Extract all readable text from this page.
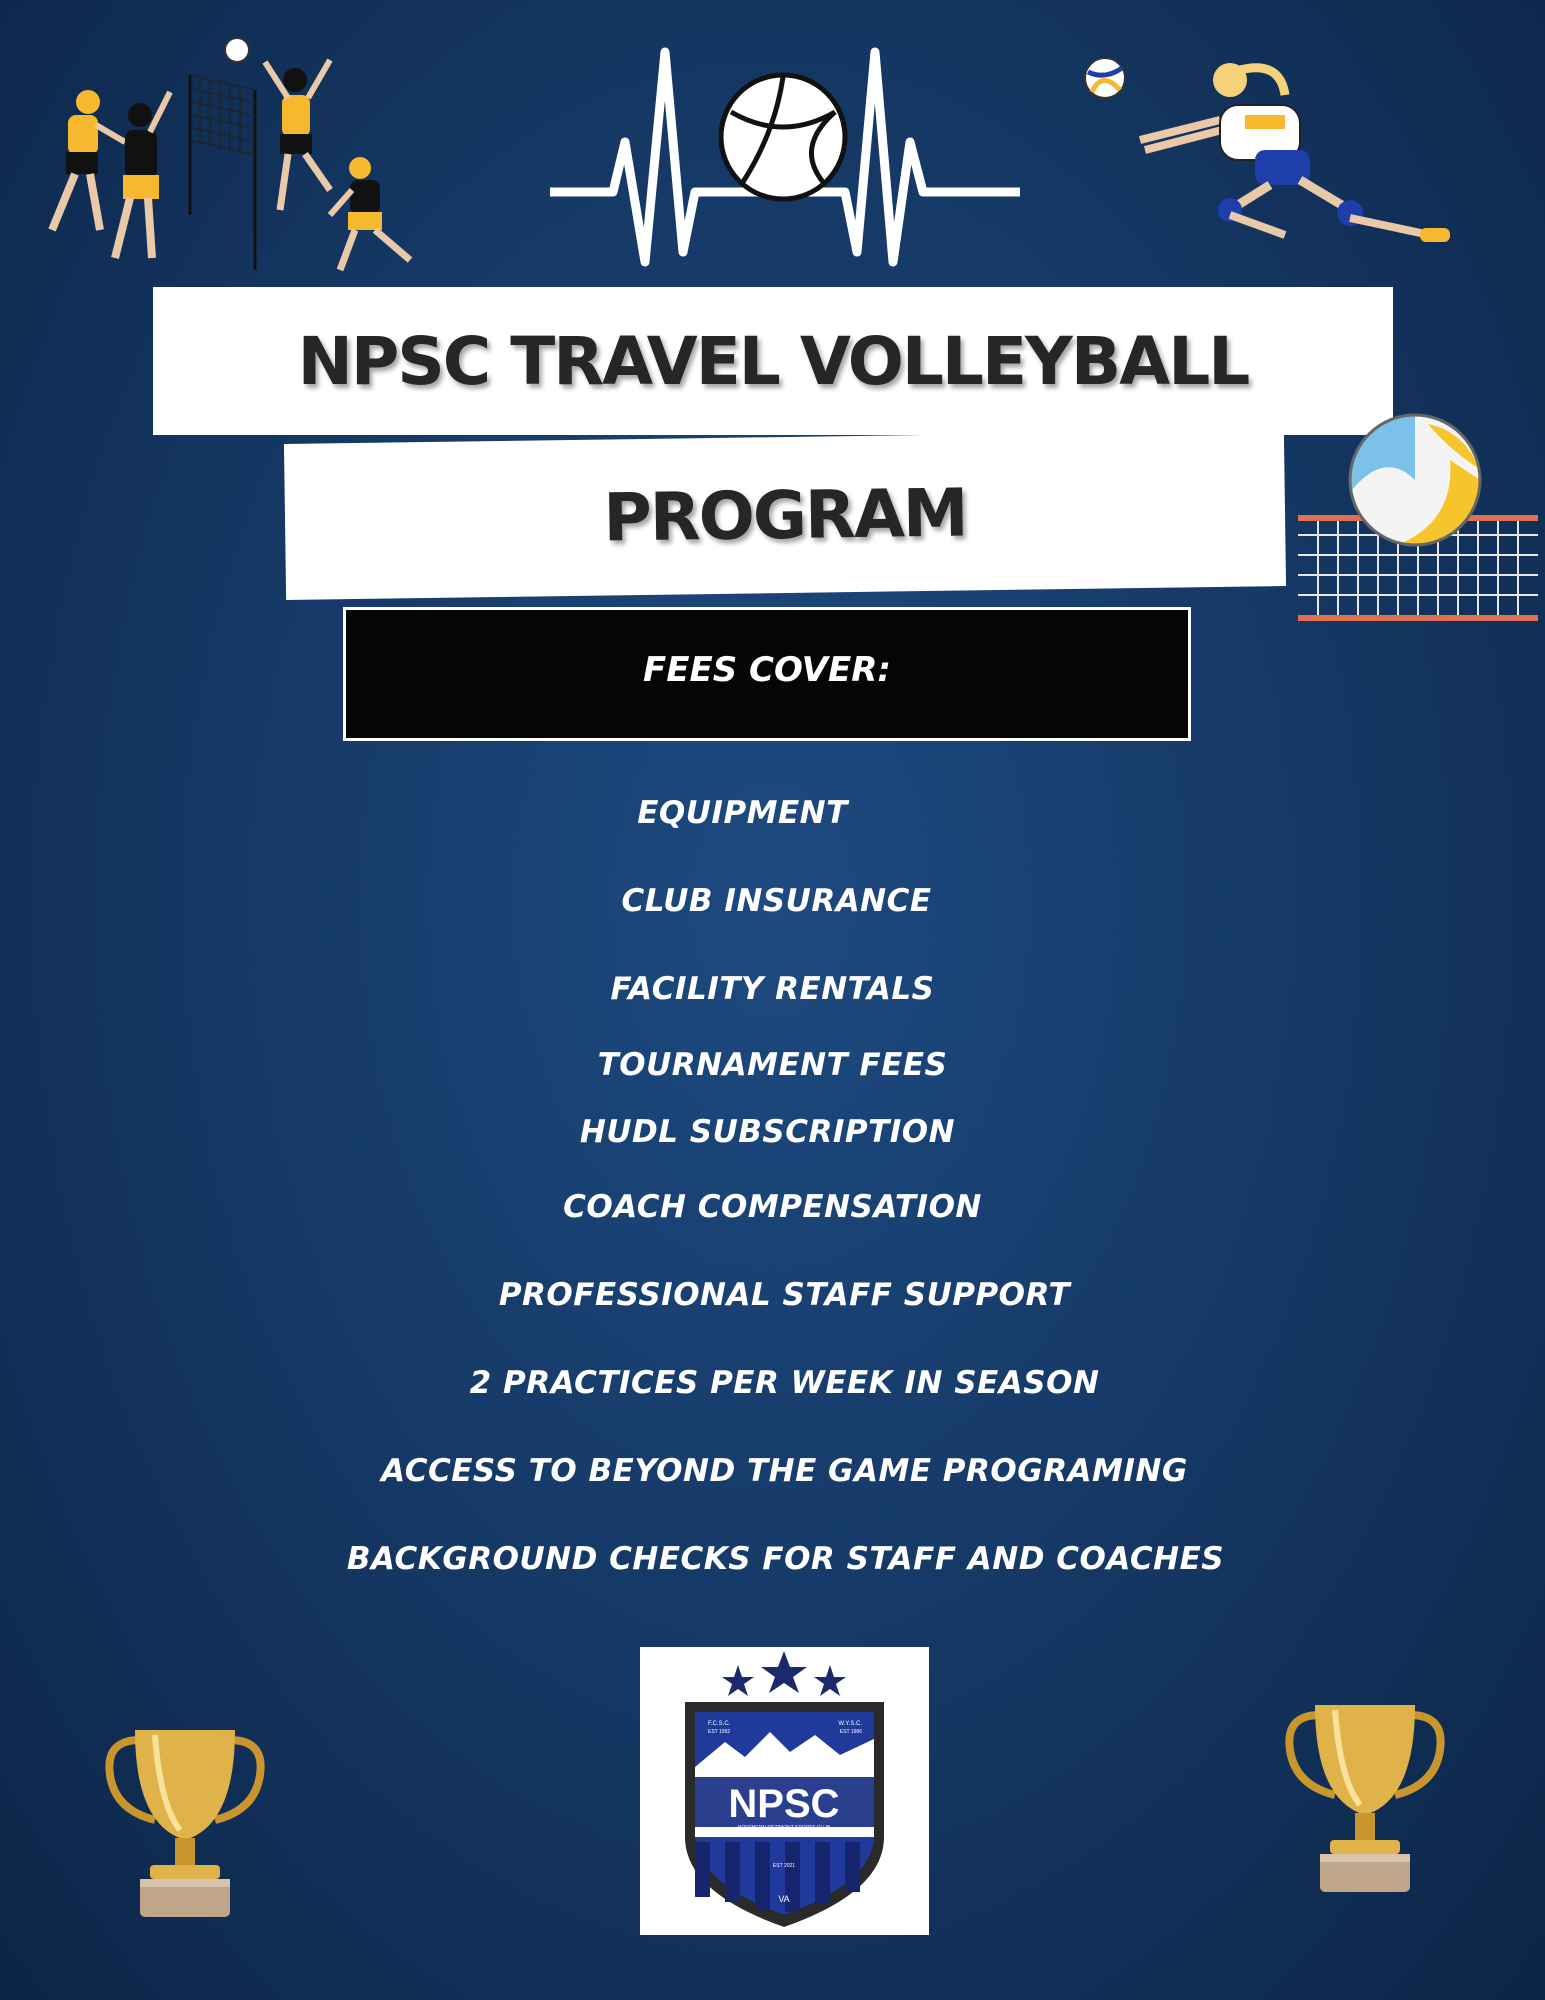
NPSC TRAVEL VOLLEYBALL
PROGRAM
FEES COVER:
EQUIPMENT
CLUB INSURANCE
FACILITY RENTALS
TOURNAMENT FEES
HUDL SUBSCRIPTION
COACH COMPENSATION
PROFESSIONAL STAFF SUPPORT
2 PRACTICES PER WEEK IN SEASON
ACCESS TO BEYOND THE GAME PROGRAMING
BACKGROUND CHECKS FOR STAFF AND COACHES
NPSC
NORTHERN PIEDMONT SPORTS CLUB
F.C.S.C.
EST 1992
W.Y.S.C.
EST 1986
EST 2021
VA
